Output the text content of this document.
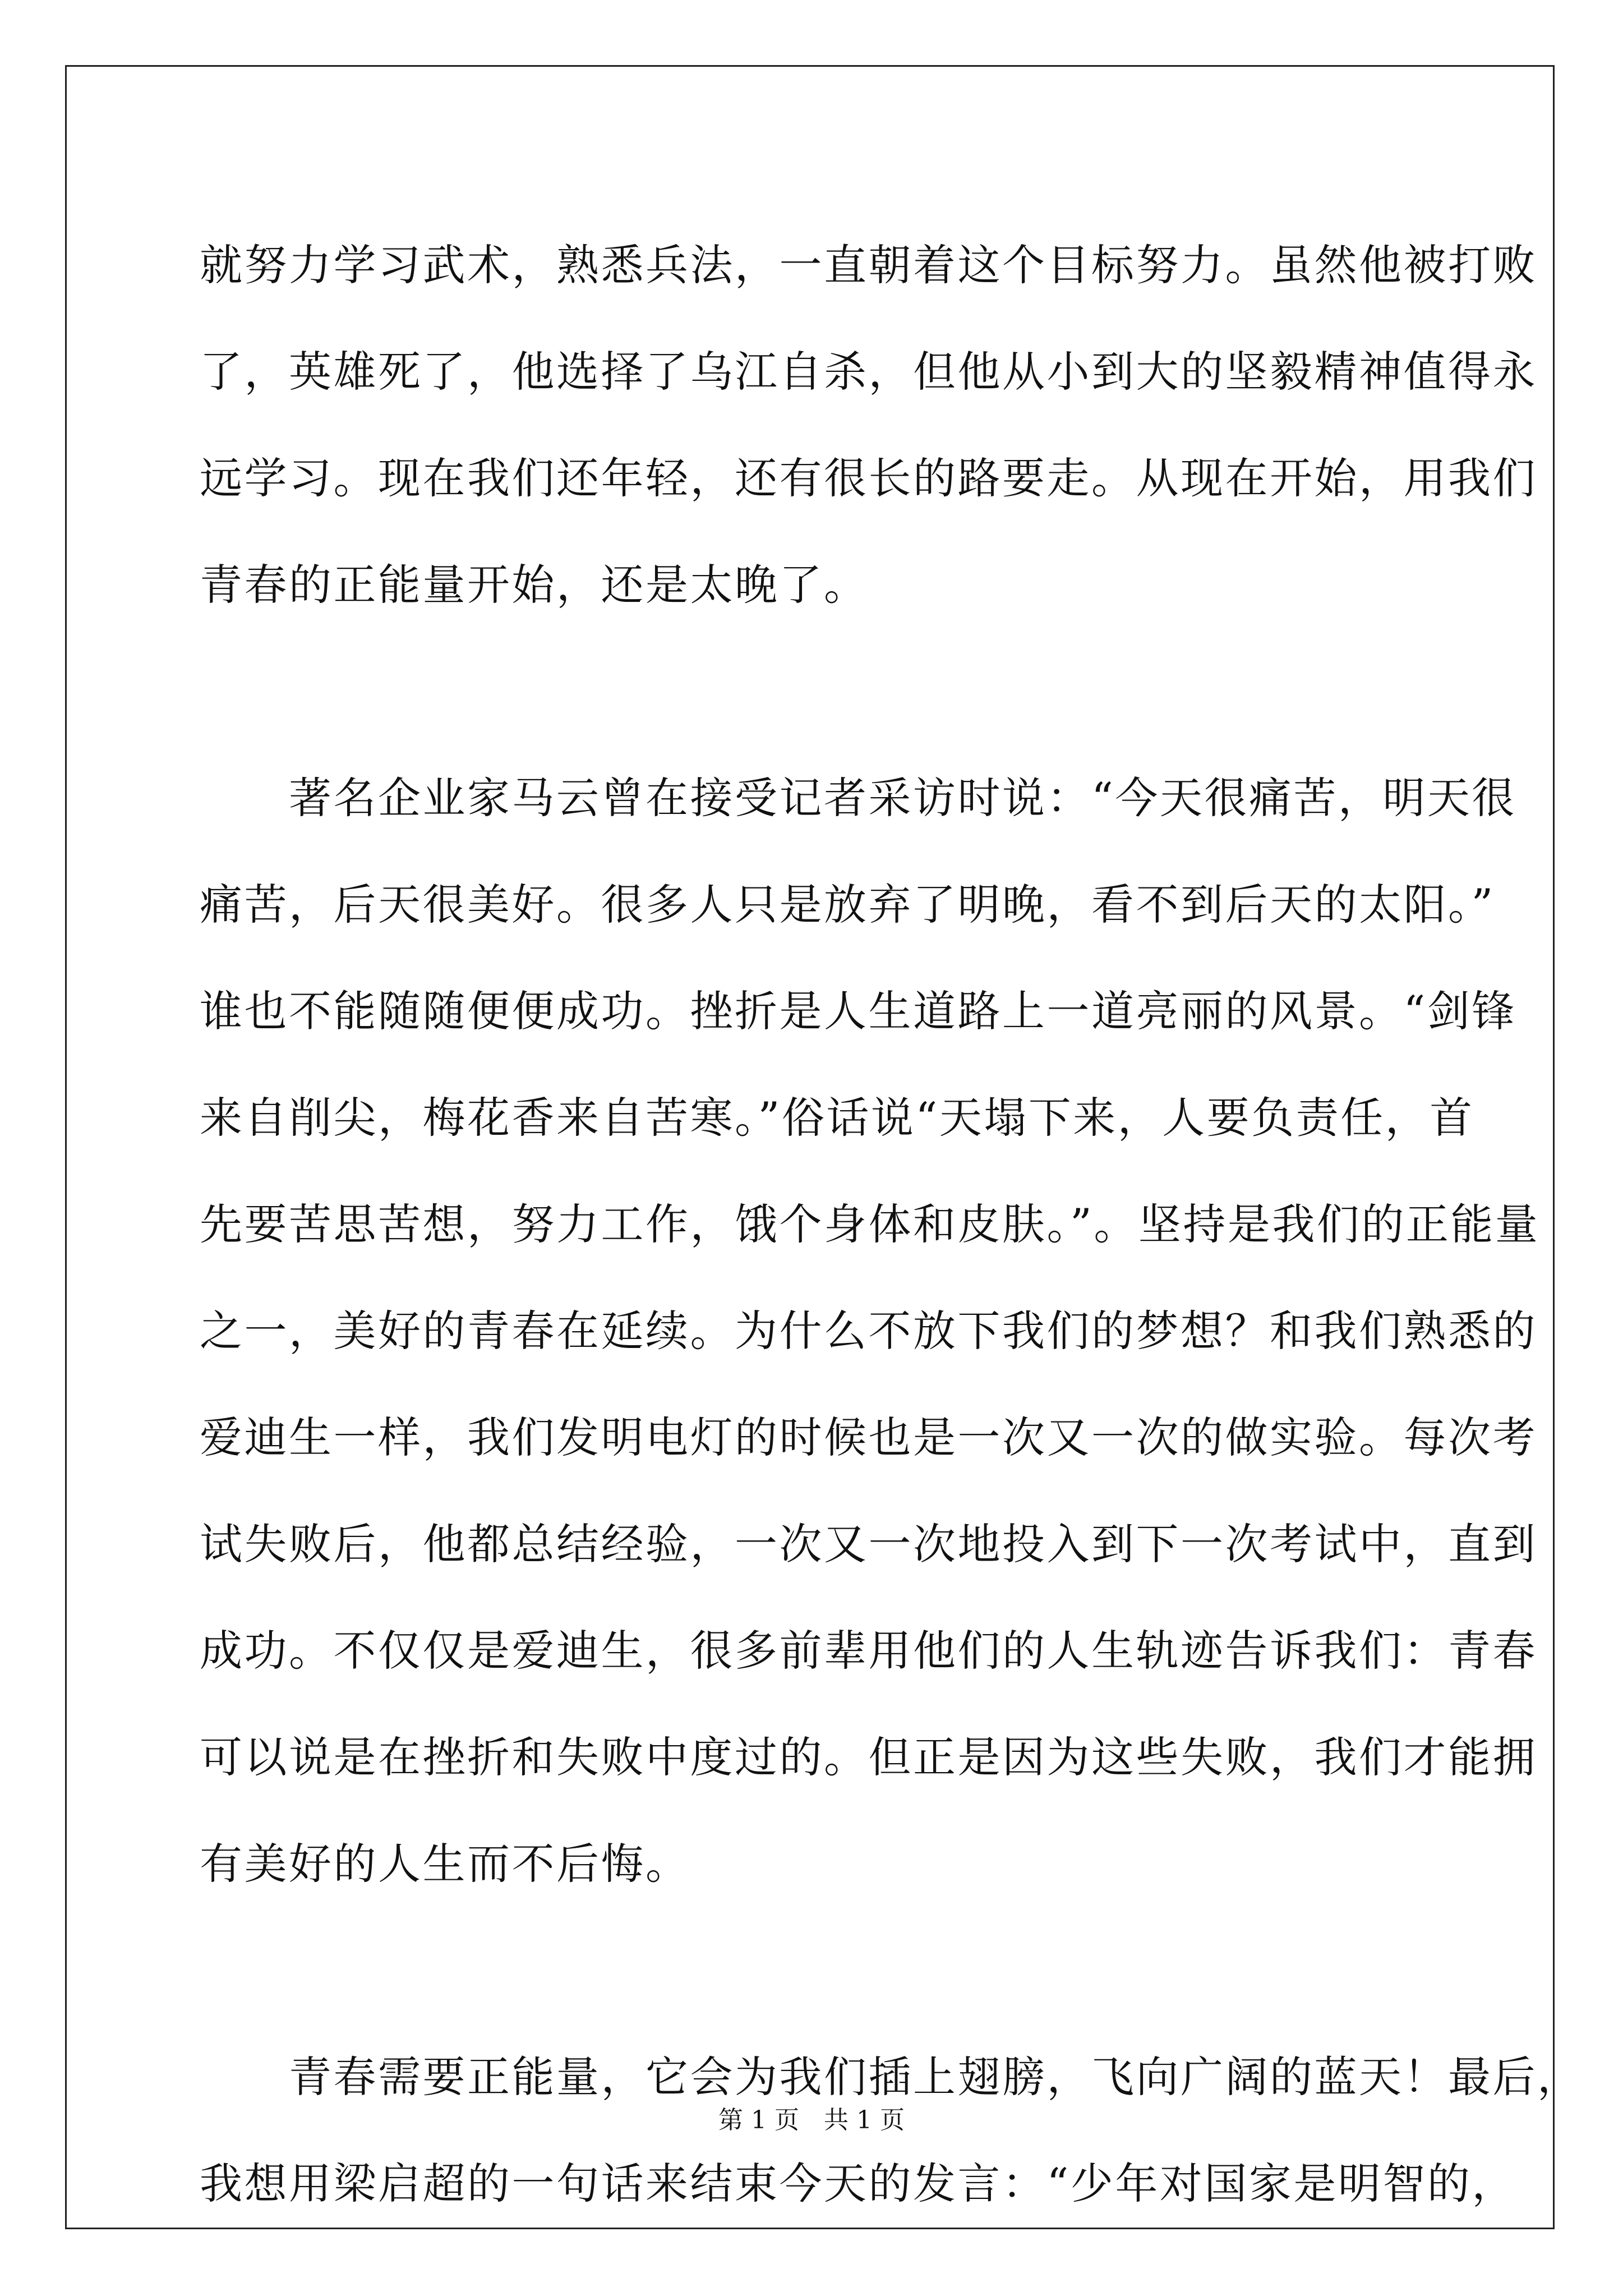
就努力学习武术，熟悉兵法，一直朝着这个目标努力。虽然他被打败
了，英雄死了，他选择了乌江自杀，但他从小到大的坚毅精神值得永
远学习。现在我们还年轻，还有很长的路要走。从现在开始，用我们
青春的正能量开始，还是太晚了。
　　著名企业家马云曾在接受记者采访时说：“今天很痛苦，明天很
痛苦，后天很美好。很多人只是放弃了明晚，看不到后天的太阳。”
谁也不能随随便便成功。挫折是人生道路上一道亮丽的风景。“剑锋
来自削尖，梅花香来自苦寒。”俗话说“天塌下来，人要负责任，首
先要苦思苦想，努力工作，饿个身体和皮肤。”。坚持是我们的正能量
之一，美好的青春在延续。为什么不放下我们的梦想？和我们熟悉的
爱迪生一样，我们发明电灯的时候也是一次又一次的做实验。每次考
试失败后，他都总结经验，一次又一次地投入到下一次考试中，直到
成功。不仅仅是爱迪生，很多前辈用他们的人生轨迹告诉我们：青春
可以说是在挫折和失败中度过的。但正是因为这些失败，我们才能拥
有美好的人生而不后悔。
　　青春需要正能量，它会为我们插上翅膀，飞向广阔的蓝天！最后，
我想用梁启超的一句话来结束今天的发言：“少年对国家是明智的，
第 1 页　共 1 页
